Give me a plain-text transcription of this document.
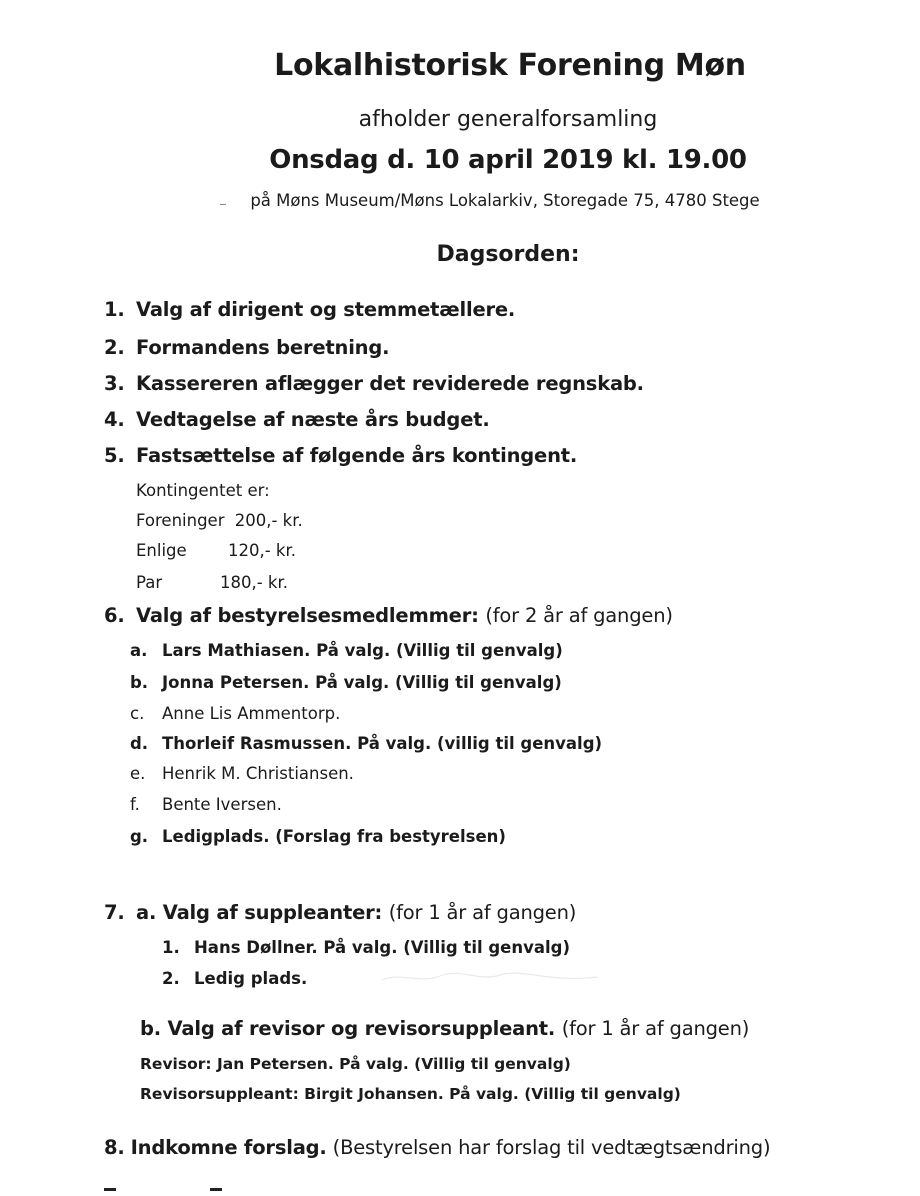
Lokalhistorisk Forening Møn
afholder generalforsamling
Onsdag d. 10 april 2019 kl. 19.00
på Møns Museum/Møns Lokalarkiv, Storegade 75, 4780 Stege
Dagsorden:
1. Valg af dirigent og stemmetællere.
2. Formandens beretning.
3. Kassereren aflægger det reviderede regnskab.
4. Vedtagelse af næste års budget.
5. Fastsættelse af følgende års kontingent.
Kontingentet er:
Foreninger 200,- kr.
Enlige	120,- kr.
Par	180,- kr.
6. Valg af bestyrelsesmedlemmer: (for 2 år af gangen)
a. Lars Mathiasen. På valg. (Villig til genvalg)
b. Jonna Petersen. På valg. (Villig til genvalg)
c. Anne Lis Ammentorp.
d. Thorleif Rasmussen. På valg. (villig til genvalg)
e. Henrik M. Christiansen.
f. Bente Iversen.
g. Ledigplads. (Forslag fra bestyrelsen)
7. a. Valg af suppleanter: (for 1 år af gangen)
1. Hans Døllner. På valg. (Villig til genvalg)
2. Ledig plads.
b. Valg af revisor og revisorsuppleant. (for 1 år af gangen)
Revisor: Jan Petersen. På valg. (Villig til genvalg)
Revisorsuppleant: Birgit Johansen. På valg. (Villig til genvalg)
8. Indkomne forslag. (Bestyrelsen har forslag til vedtægtsændring)
